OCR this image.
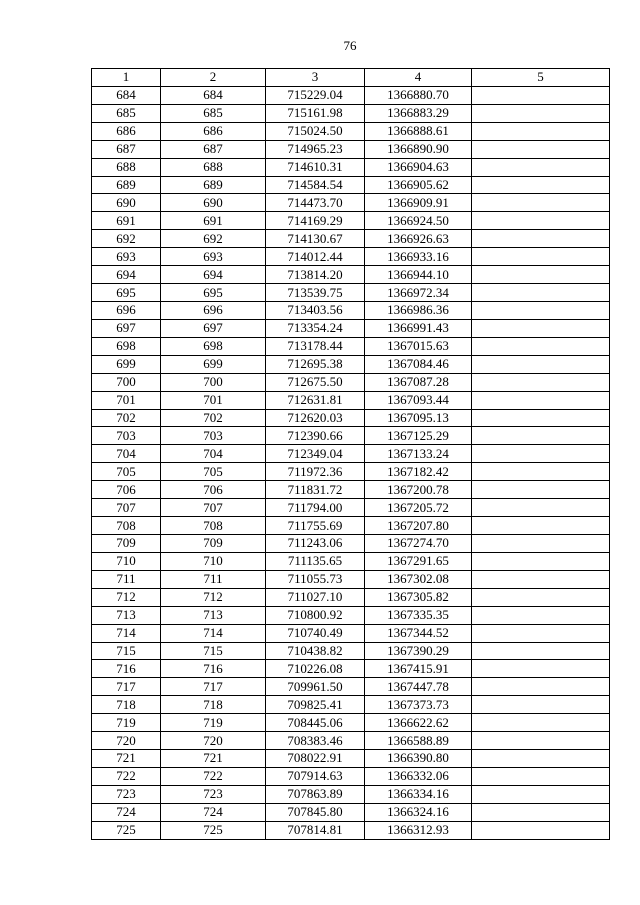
76
1	2	3	4	5
684	684	715229.04	1366880.70	
685	685	715161.98	1366883.29	
686	686	715024.50	1366888.61	
687	687	714965.23	1366890.90	
688	688	714610.31	1366904.63	
689	689	714584.54	1366905.62	
690	690	714473.70	1366909.91	
691	691	714169.29	1366924.50	
692	692	714130.67	1366926.63	
693	693	714012.44	1366933.16	
694	694	713814.20	1366944.10	
695	695	713539.75	1366972.34	
696	696	713403.56	1366986.36	
697	697	713354.24	1366991.43	
698	698	713178.44	1367015.63	
699	699	712695.38	1367084.46	
700	700	712675.50	1367087.28	
701	701	712631.81	1367093.44	
702	702	712620.03	1367095.13	
703	703	712390.66	1367125.29	
704	704	712349.04	1367133.24	
705	705	711972.36	1367182.42	
706	706	711831.72	1367200.78	
707	707	711794.00	1367205.72	
708	708	711755.69	1367207.80	
709	709	711243.06	1367274.70	
710	710	711135.65	1367291.65	
711	711	711055.73	1367302.08	
712	712	711027.10	1367305.82	
713	713	710800.92	1367335.35	
714	714	710740.49	1367344.52	
715	715	710438.82	1367390.29	
716	716	710226.08	1367415.91	
717	717	709961.50	1367447.78	
718	718	709825.41	1367373.73	
719	719	708445.06	1366622.62	
720	720	708383.46	1366588.89	
721	721	708022.91	1366390.80	
722	722	707914.63	1366332.06	
723	723	707863.89	1366334.16	
724	724	707845.80	1366324.16	
725	725	707814.81	1366312.93	
